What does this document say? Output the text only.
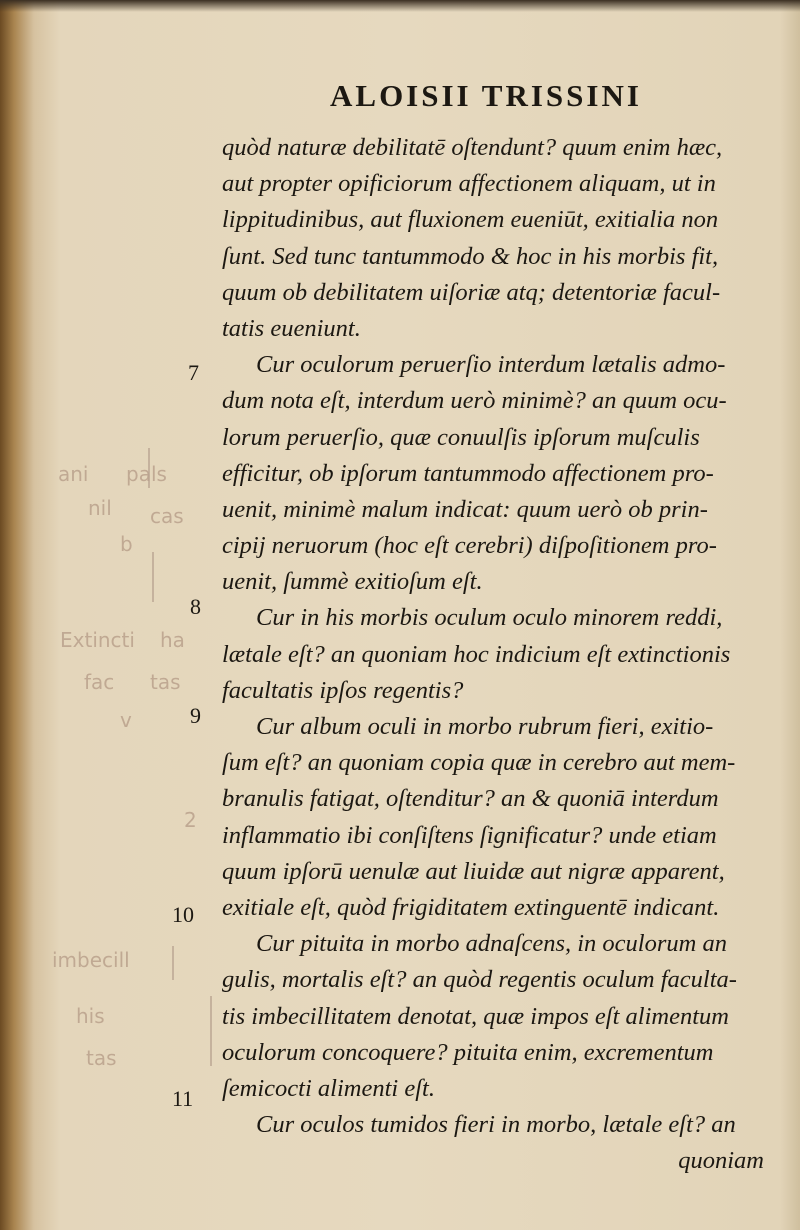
ALOISII TRISSINI
7
8
9
10
11
ani pals
nil cas
b
Extincti ha
fac tas
v
2
imbecill
his
tas
quòd naturæ debilitatē oſtendunt? quum enim hæc,
aut propter opificiorum affectionem aliquam, ut in
lippitudinibus, aut fluxionem eueniūt, exitialia non
ſunt. Sed tunc tantummodo & hoc in his morbis fit,
quum ob debilitatem uiſoriæ atq; detentoriæ facul-
tatis eueniunt.
Cur oculorum peruerſio interdum lætalis admo-
dum nota eſt, interdum uerò minimè? an quum ocu-
lorum peruerſio, quæ conuulſis ipſorum muſculis
efficitur, ob ipſorum tantummodo affectionem pro-
uenit, minimè malum indicat: quum uerò ob prin-
cipij neruorum (hoc eſt cerebri) diſpoſitionem pro-
uenit, ſummè exitioſum eſt.
Cur in his morbis oculum oculo minorem reddi,
lætale eſt? an quoniam hoc indicium eſt extinctionis
facultatis ipſos regentis?
Cur album oculi in morbo rubrum fieri, exitio-
ſum eſt? an quoniam copia quæ in cerebro aut mem-
branulis fatigat, oſtenditur? an & quoniā interdum
inflammatio ibi conſiſtens ſignificatur? unde etiam
quum ipſorū uenulæ aut liuidæ aut nigræ apparent,
exitiale eſt, quòd frigiditatem extinguentē indicant.
Cur pituita in morbo adnaſcens, in oculorum an
gulis, mortalis eſt? an quòd regentis oculum faculta-
tis imbecillitatem denotat, quæ impos eſt alimentum
oculorum concoquere? pituita enim, excrementum
ſemicocti alimenti eſt.
Cur oculos tumidos fieri in morbo, lætale eſt? an
quoniam
